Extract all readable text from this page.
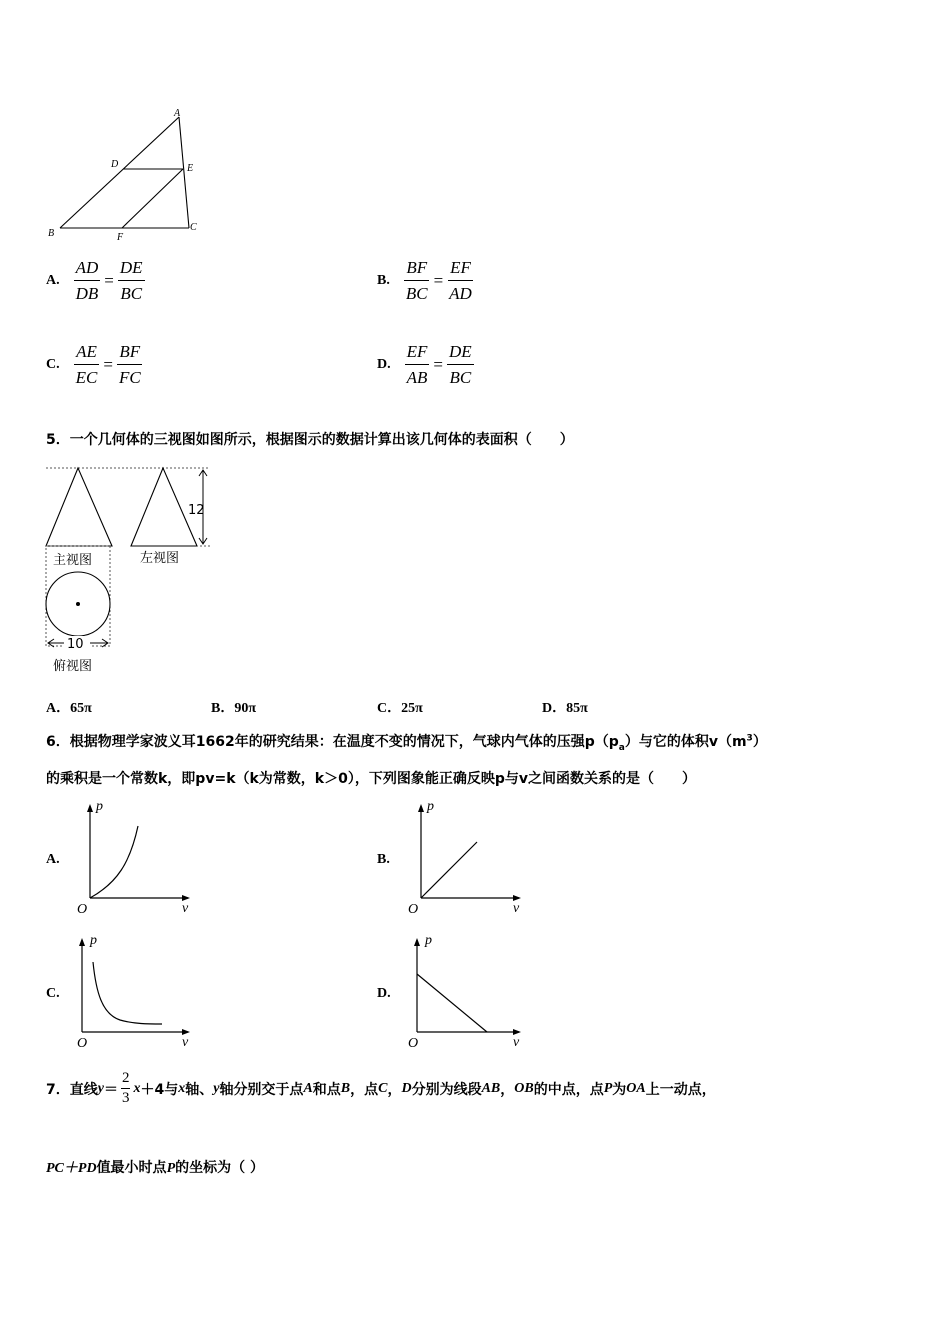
A
D	E
B	F
C
A. $\frac{AD}{DB} = \frac{DE}{BC}$	B. $\frac{BF}{BC} = \frac{EF}{AD}$
C. $\frac{AE}{EC} = \frac{BF}{FC}$	D. $\frac{EF}{AB} = \frac{DE}{BC}$
5．一个几何体的三视图如图所示，根据图示的数据计算出该几何体的表面积（　　）
12
主视图	左视图
10
俯视图
A．65π	B．90π	C．25π	D．85π
6．根据物理学家波义耳1662年的研究结果：在温度不变的情况下，气球内气体的压强$p(p_a)$与它的体积$v(m^3)$
的乘积是一个常数k，即pv=k（k为常数，k＞0），下列图象能正确反映p与v之间函数关系的是（　　）
A.
p
v
O
B.
p
v
O
C.
p
v
O
D.
p
v
O
7．直线 y ＝
2
3
x ＋4与 x 轴、 y 轴分别交于点 A 和点 B ，点 C ， D 分别为线段 AB ， OB 的中点，点 P 为 OA 上一动点，
PC＋PD值最小时点P的坐标为（ ）
